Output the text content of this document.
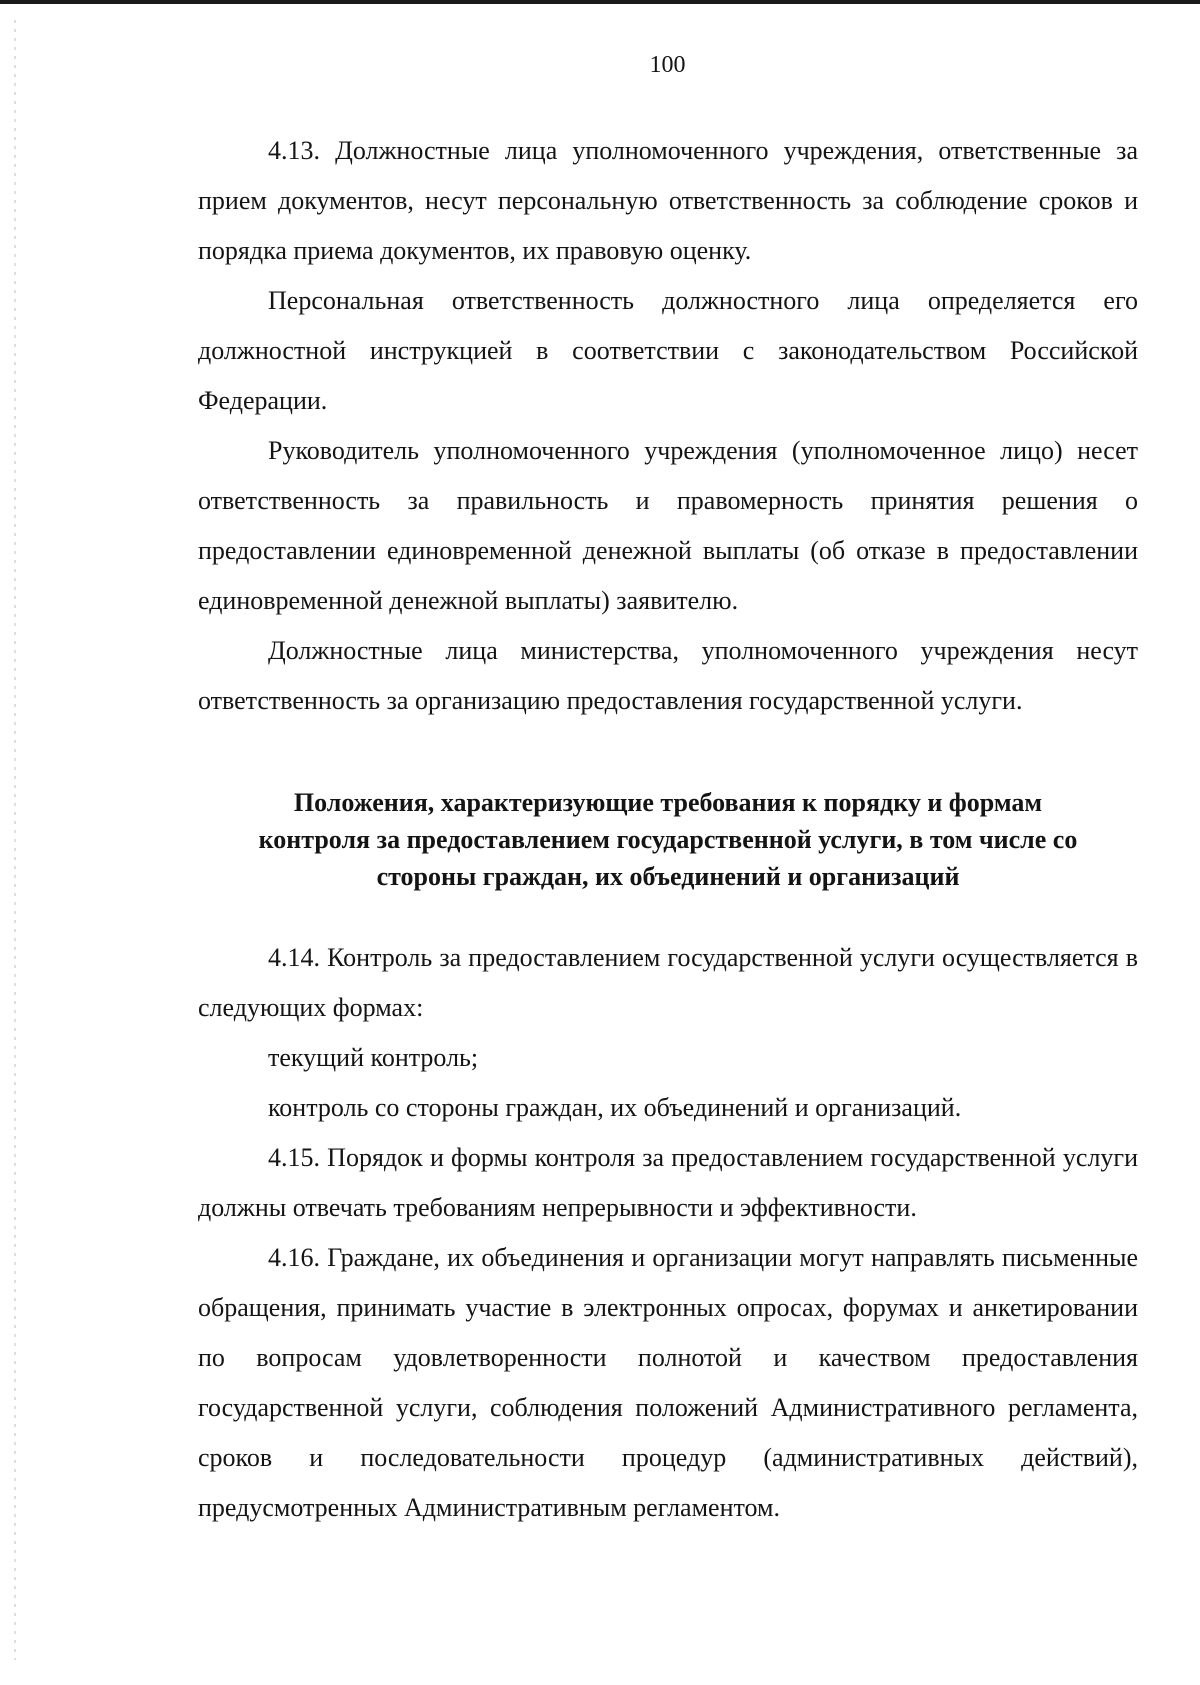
100

4.13. Должностные лица уполномоченного учреждения, ответственные за прием документов, несут персональную ответственность за соблюдение сроков и порядка приема документов, их правовую оценку.

Персональная ответственность должностного лица определяется его должностной инструкцией в соответствии с законодательством Российской Федерации.

Руководитель уполномоченного учреждения (уполномоченное лицо) несет ответственность за правильность и правомерность принятия решения о предоставлении единовременной денежной выплаты (об отказе в предоставлении единовременной денежной выплаты) заявителю.

Должностные лица министерства, уполномоченного учреждения несут ответственность за организацию предоставления государственной услуги.

Положения, характеризующие требования к порядку и формам
контроля за предоставлением государственной услуги, в том числе со
стороны граждан, их объединений и организаций

4.14. Контроль за предоставлением государственной услуги осуществляется в следующих формах:

текущий контроль;

контроль со стороны граждан, их объединений и организаций.

4.15. Порядок и формы контроля за предоставлением государственной услуги должны отвечать требованиям непрерывности и эффективности.

4.16. Граждане, их объединения и организации могут направлять письменные обращения, принимать участие в электронных опросах, форумах и анкетировании по вопросам удовлетворенности полнотой и качеством предоставления государственной услуги, соблюдения положений Административного регламента, сроков и последовательности процедур (административных действий), предусмотренных Административным регламентом.
